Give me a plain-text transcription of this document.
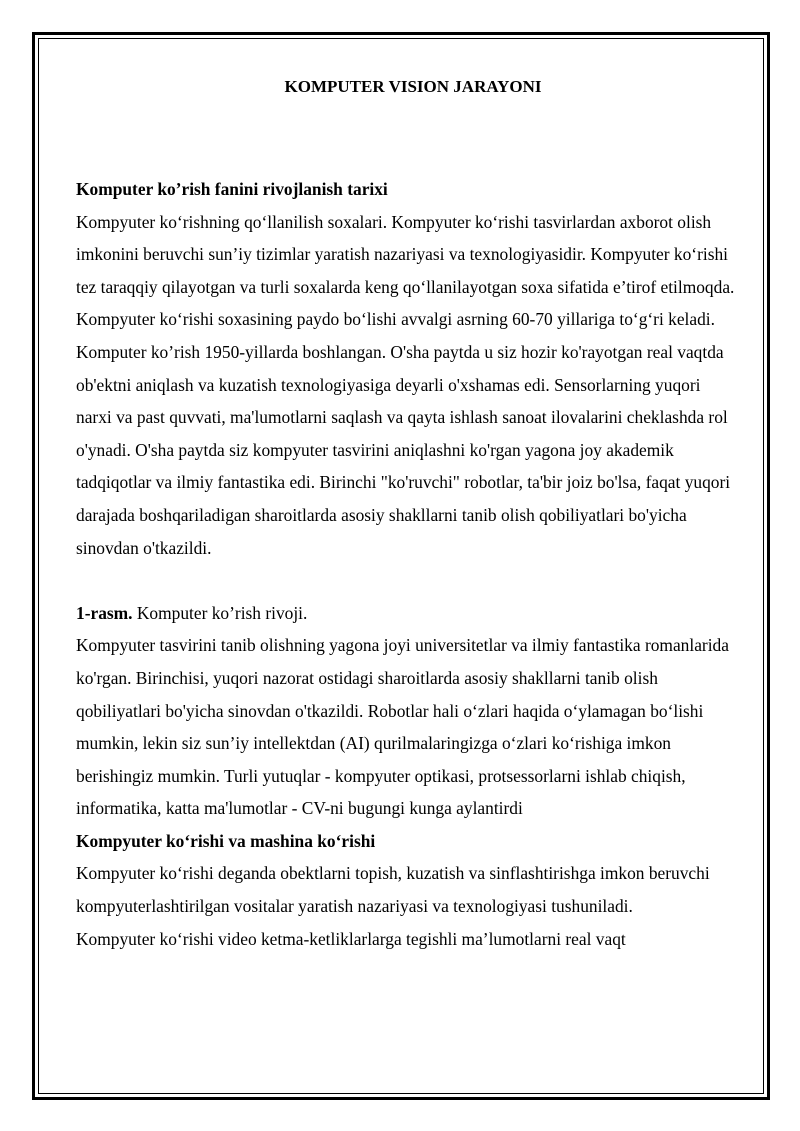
KOMPUTER VISION JARAYONI

Komputer ko’rish fanini rivojlanish tarixi

Kompyuter ko‘rishning qo‘llanilish soxalari. Kompyuter ko‘rishi tasvirlardan axborot olish imkonini beruvchi sun’iy tizimlar yaratish nazariyasi va texnologiyasidir. Kompyuter ko‘rishi tez taraqqiy qilayotgan va turli soxalarda keng qo‘llanilayotgan soxa sifatida e’tirof etilmoqda. Kompyuter ko‘rishi soxasining paydo bo‘lishi avvalgi asrning 60-70 yillariga to‘g‘ri keladi. Komputer ko’rish 1950-yillarda boshlangan. O'sha paytda u siz hozir ko'rayotgan real vaqtda ob'ektni aniqlash va kuzatish texnologiyasiga deyarli o'xshamas edi. Sensorlarning yuqori narxi va past quvvati, ma'lumotlarni saqlash va qayta ishlash sanoat ilovalarini cheklashda rol o'ynadi. O'sha paytda siz kompyuter tasvirini aniqlashni ko'rgan yagona joy akademik tadqiqotlar va ilmiy fantastika edi. Birinchi "ko'ruvchi" robotlar, ta'bir joiz bo'lsa, faqat yuqori darajada boshqariladigan sharoitlarda asosiy shakllarni tanib olish qobiliyatlari bo'yicha sinovdan o'tkazildi.

1-rasm. Komputer ko’rish rivoji.

Kompyuter tasvirini tanib olishning yagona joyi universitetlar va ilmiy fantastika romanlarida ko'rgan. Birinchisi, yuqori nazorat ostidagi sharoitlarda asosiy shakllarni tanib olish qobiliyatlari bo'yicha sinovdan o'tkazildi. Robotlar hali o‘zlari haqida o‘ylamagan bo‘lishi mumkin, lekin siz sun’iy intellektdan (AI) qurilmalaringizga o‘zlari ko‘rishiga imkon berishingiz mumkin. Turli yutuqlar - kompyuter optikasi, protsessorlarni ishlab chiqish, informatika, katta ma'lumotlar - CV-ni bugungi kunga aylantirdi

Kompyuter ko‘rishi va mashina ko‘rishi

Kompyuter ko‘rishi deganda obektlarni topish, kuzatish va sinflashtirishga imkon beruvchi kompyuterlashtirilgan vositalar yaratish nazariyasi va texnologiyasi tushuniladi.

Kompyuter ko‘rishi video ketma-ketliklarlarga tegishli ma’lumotlarni real vaqt
